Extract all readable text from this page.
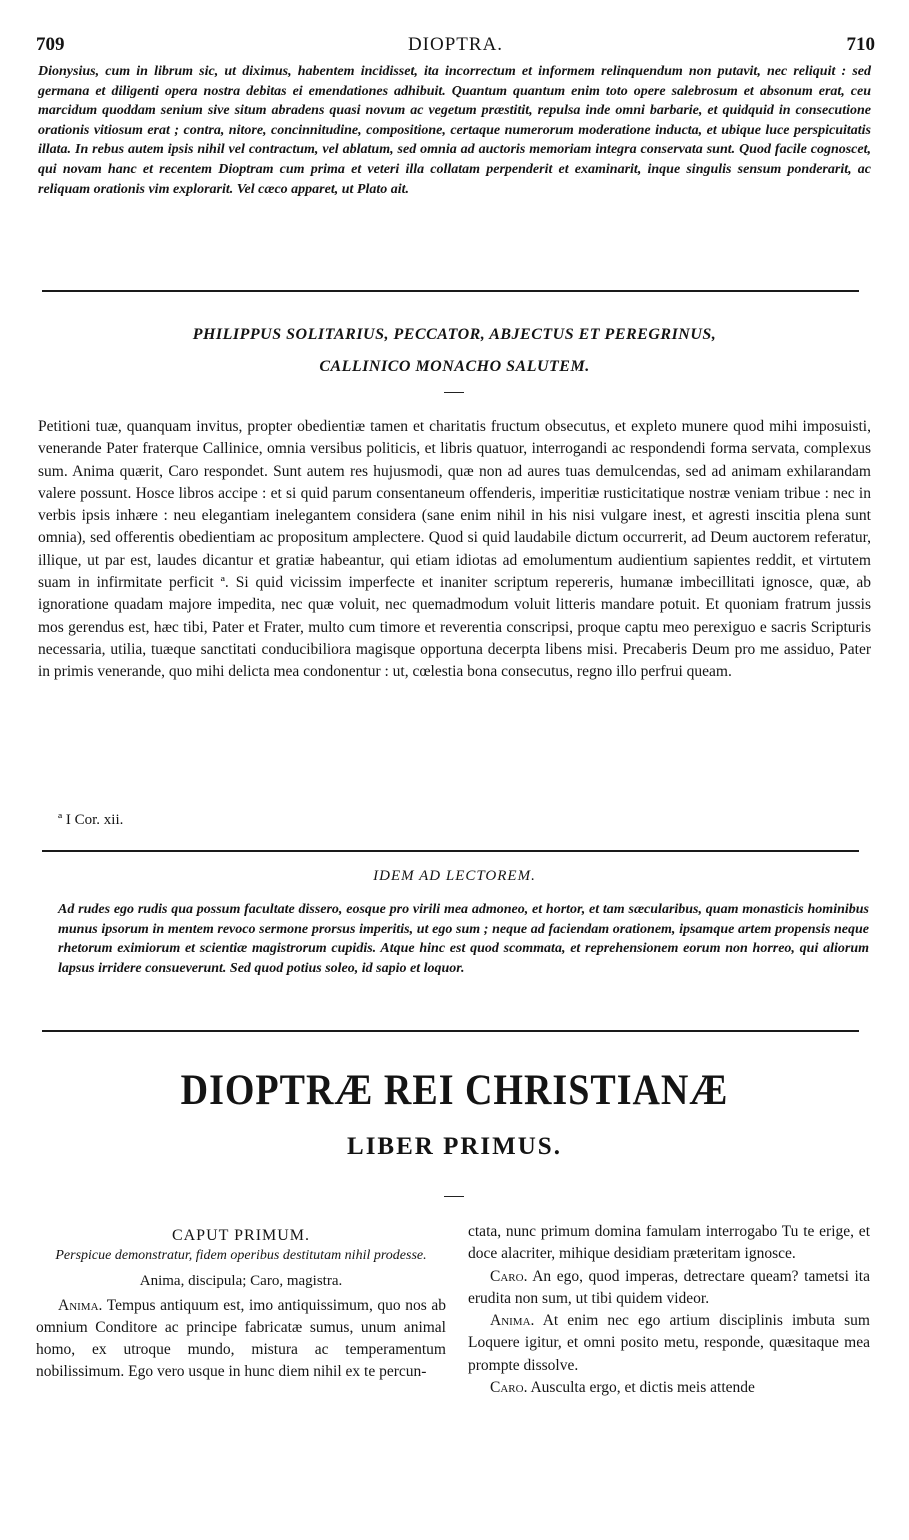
709	DIOPTRA.	710
Dionysius, cum in librum sic, ut diximus, habentem incidisset, ita incorrectum et informem relinquendum non putavit, nec reliquit : sed germana et diligenti opera nostra debitas ei emendationes adhibuit. Quantum quantum enim toto opere salebrosum et absonum erat, ceu marcidum quoddam senium sive situm abradens quasi novum ac vegetum præstitit, repulsa inde omni barbarie, et quidquid in consecutione orationis vitiosum erat ; contra, nitore, concinnitudine, compositione, certaque numerorum moderatione inducta, et ubique luce perspicuitatis illata. In rebus autem ipsis nihil vel contractum, vel ablatum, sed omnia ad auctoris memoriam integra conservata sunt. Quod facile cognoscet, qui novam hanc et recentem Dioptram cum prima et veteri illa collatam perpenderit et examinarit, inque singulis sensum ponderarit, ac reliquam orationis vim explorarit. Vel cæco apparet, ut Plato ait.
PHILIPPUS SOLITARIUS, PECCATOR, ABJECTUS ET PEREGRINUS,
CALLINICO MONACHO SALUTEM.
Petitioni tuæ, quanquam invitus, propter obedientiæ tamen et charitatis fructum obsecutus, et expleto munere quod mihi imposuisti, venerande Pater fraterque Callinice, omnia versibus politicis, et libris quatuor, interrogandi ac respondendi forma servata, complexus sum. Anima quærit, Caro respondet. Sunt autem res hujusmodi, quæ non ad aures tuas demulcendas, sed ad animam exhilarandam valere possunt. Hosce libros accipe : et si quid parum consentaneum offenderis, imperitiæ rusticitatique nostræ veniam tribue : nec in verbis ipsis inhære : neu elegantiam inelegantem considera (sane enim nihil in his nisi vulgare inest, et agresti inscitia plena sunt omnia), sed offerentis obedientiam ac propositum amplectere. Quod si quid laudabile dictum occurrerit, ad Deum auctorem referatur, illique, ut par est, laudes dicantur et gratiæ habeantur, qui etiam idiotas ad emolumentum audientium sapientes reddit, et virtutem suam in infirmitate perficit ª. Si quid vicissim imperfecte et inaniter scriptum repereris, humanæ imbecillitati ignosce, quæ, ab ignoratione quadam majore impedita, nec quæ voluit, nec quemadmodum voluit litteris mandare potuit. Et quoniam fratrum jussis mos gerendus est, hæc tibi, Pater et Frater, multo cum timore et reverentia conscripsi, proque captu meo perexiguo e sacris Scripturis necessaria, utilia, tuæque sanctitati conducibiliora magisque opportuna decerpta libens misi. Precaberis Deum pro me assiduo, Pater in primis venerande, quo mihi delicta mea condonentur : ut, cœlestia bona consecutus, regno illo perfrui queam.
ª I Cor. xii.
IDEM AD LECTOREM.
Ad rudes ego rudis qua possum facultate dissero, eosque pro virili mea admoneo, et hortor, et tam sæcularibus, quam monasticis hominibus munus ipsorum in mentem revoco sermone prorsus imperitis, ut ego sum ; neque ad faciendam orationem, ipsamque artem propensis neque rhetorum eximiorum et scientiæ magistrorum cupidis. Atque hinc est quod scommata, et reprehensionem eorum non horreo, qui aliorum lapsus irridere consueverunt. Sed quod potius soleo, id sapio et loquor.
DIOPTRÆ REI CHRISTIANÆ
LIBER PRIMUS.
CAPUT PRIMUM.
Perspicue demonstratur, fidem operibus destitutam nihil prodesse.
Anima, discipula; Caro, magistra.

Anima. Tempus antiquum est, imo antiquissimum, quo nos ab omnium Conditore ac principe fabricatæ sumus, unum animal homo, ex utroque mundo, mistura ac temperamentum nobilissimum. Ego vero usque in hunc diem nihil ex te percun-

ctata, nunc primum domina famulam interrogabo Tu te erige, et doce alacriter, mihique desidiam præteritam ignosce.

Caro. An ego, quod imperas, detrectare queam? tametsi ita erudita non sum, ut tibi quidem videor.

Anima. At enim nec ego artium disciplinis imbuta sum Loquere igitur, et omni posito metu, responde, quæsitaque mea prompte dissolve.

Caro. Ausculta ergo, et dictis meis attende
